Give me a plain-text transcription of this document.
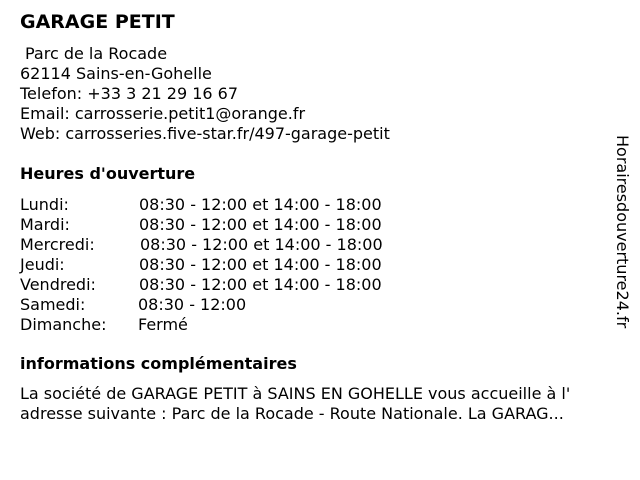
GARAGE PETIT
Parc de la Rocade
62114 Sains-en-Gohelle
Telefon: +33 3 21 29 16 67
Email: carrosserie.petit1@orange.fr
Web: carrosseries.five-star.fr/497-garage-petit
Heures d'ouverture
Lundi:	08:30 - 12:00 et 14:00 - 18:00
Mardi:	08:30 - 12:00 et 14:00 - 18:00
Mercredi:	08:30 - 12:00 et 14:00 - 18:00
Jeudi:	08:30 - 12:00 et 14:00 - 18:00
Vendredi:	08:30 - 12:00 et 14:00 - 18:00
Samedi:	08:30 - 12:00
Dimanche: Fermé
informations complémentaires
La société de GARAGE PETIT à SAINS EN GOHELLE vous accueille à l'
adresse suivante : Parc de la Rocade - Route Nationale. La GARAG...
Horairesdouverture24.fr
